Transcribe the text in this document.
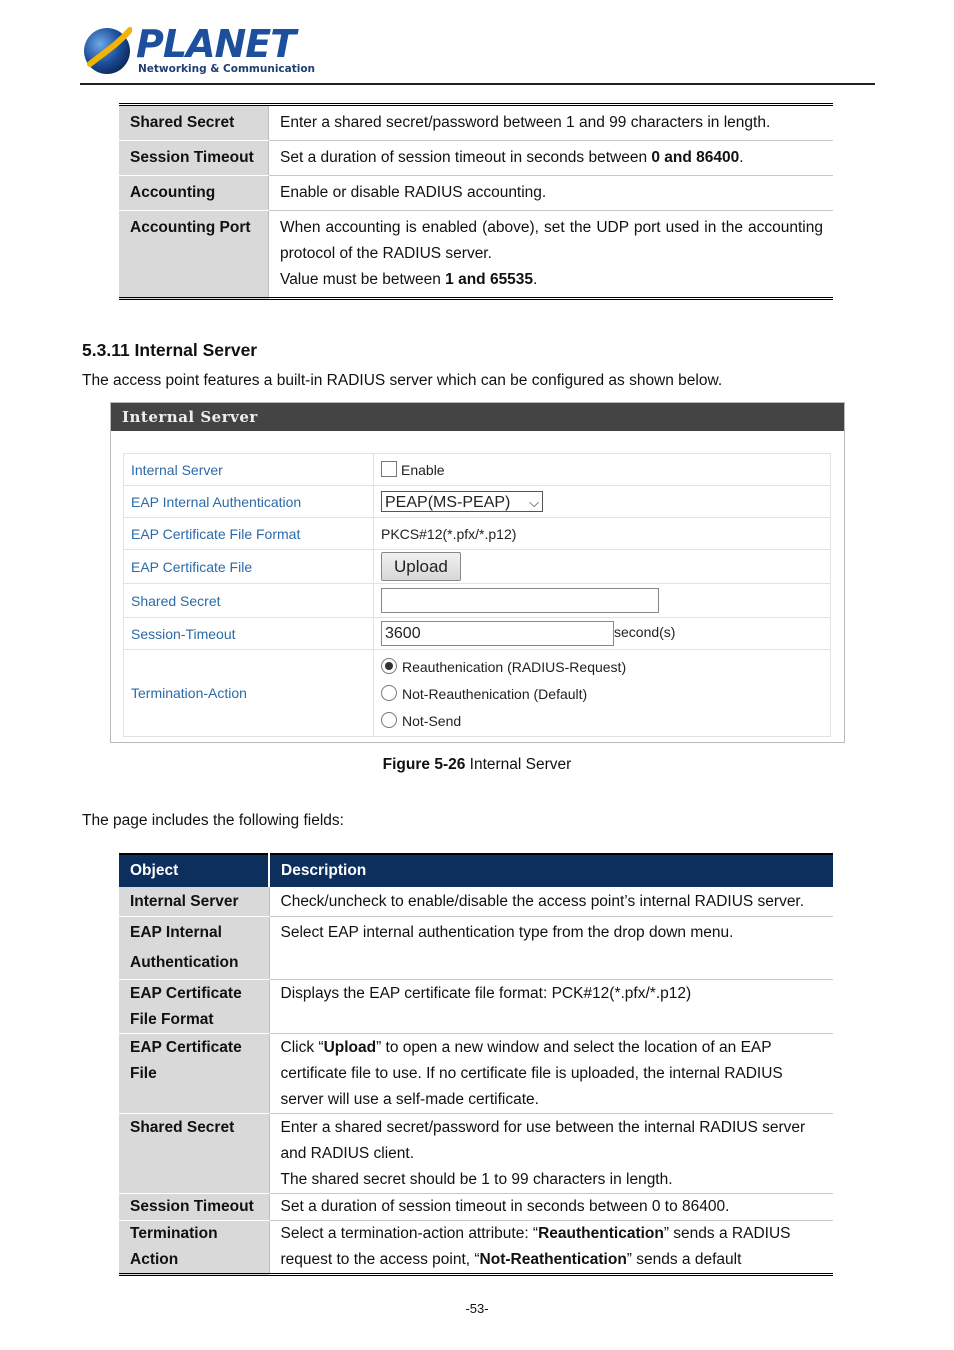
PLANET
Networking & Communication
Shared Secret	Enter a shared secret/password between 1 and 99 characters in length.
Session Timeout	Set a duration of session timeout in seconds between 0 and 86400.
Accounting	Enable or disable RADIUS accounting.
Accounting Port	When accounting is enabled (above), set the UDP port used in the accounting protocol of the RADIUS server.
Value must be between 1 and 65535.
5.3.11 Internal Server
The access point features a built-in RADIUS server which can be configured as shown below.
Internal Server
Internal Server	Enable
EAP Internal Authentication	PEAP(MS-PEAP) ⌵

EAP Certificate File Format	PKCS#12(*.pfx/*.p12)
EAP Certificate File	Upload
Shared Secret	
Session-Timeout	3600 second(s)
Termination-Action	Reauthenication (RADIUS-Request)
Not-Reauthenication (Default)
Not-Send
Figure 5-26 Internal Server
The page includes the following fields:
Object	Description
Internal Server	Check/uncheck to enable/disable the access point’s internal RADIUS server.
EAP Internal Authentication	Select EAP internal authentication type from the drop down menu.
EAP Certificate File Format	Displays the EAP certificate file format: PCK#12(*.pfx/*.p12)
EAP Certificate File	Click “Upload” to open a new window and select the location of an EAP certificate file to use. If no certificate file is uploaded, the internal RADIUS server will use a self-made certificate.
Shared Secret	Enter a shared secret/password for use between the internal RADIUS server and RADIUS client.
The shared secret should be 1 to 99 characters in length.

Session Timeout	Set a duration of session timeout in seconds between 0 to 86400.
Termination Action	Select a termination-action attribute: “Reauthentication” sends a RADIUS request to the access point, “Not-Reathentication” sends a default
-53-
